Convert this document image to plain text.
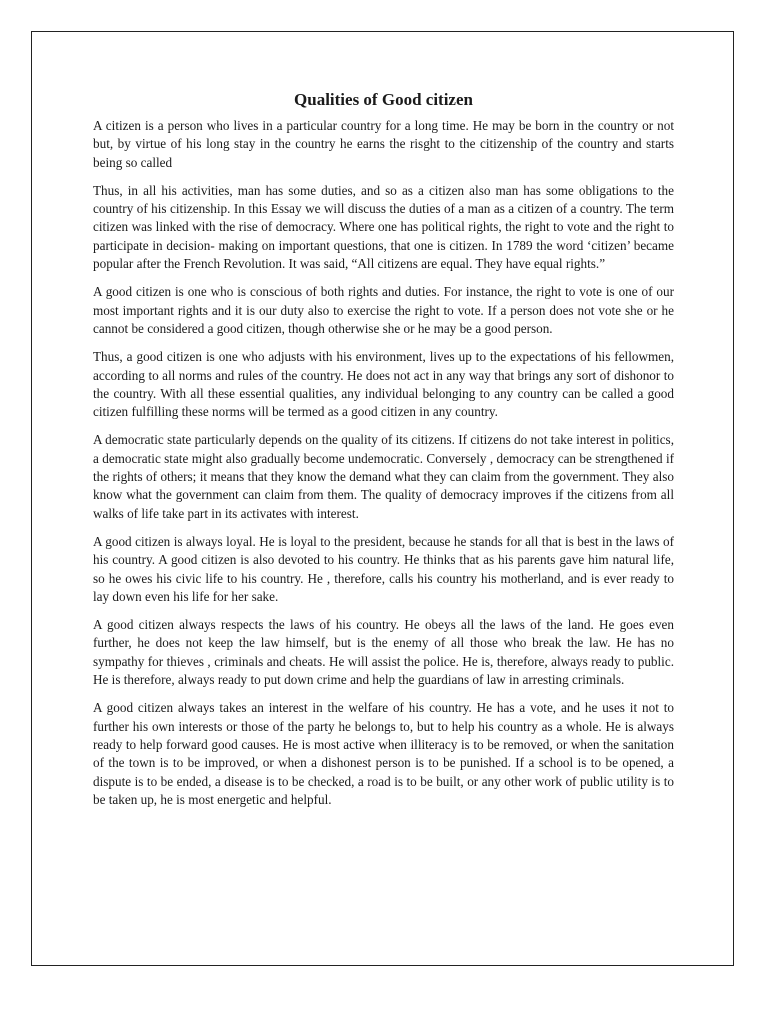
Qualities of Good citizen

A citizen is a person who lives in a particular country for a long time. He may be born in the country or not but, by virtue of his long stay in the country he earns the risght to the citizenship of the country and starts being so called

Thus, in all his activities, man has some duties, and so as a citizen also man has some obligations to the country of his citizenship. In this Essay we will discuss the duties of a man as a citizen of a country. The term citizen was linked with the rise of democracy. Where one has political rights, the right to vote and the right to participate in decision- making on important questions, that one is citizen. In 1789 the word ‘citizen’ became popular after the French Revolution. It was said, “All citizens are equal. They have equal rights.”

A good citizen is one who is conscious of both rights and duties. For instance, the right to vote is one of our most important rights and it is our duty also to exercise the right to vote. If a person does not vote she or he cannot be considered a good citizen, though otherwise she or he may be a good person.

Thus, a good citizen is one who adjusts with his environment, lives up to the expectations of his fellowmen, according to all norms and rules of the country. He does not act in any way that brings any sort of dishonor to the country. With all these essential qualities, any individual belonging to any country can be called a good citizen fulfilling these norms will be termed as a good citizen in any country.

A democratic state particularly depends on the quality of its citizens. If citizens do not take interest in politics, a democratic state might also gradually become undemocratic. Conversely , democracy can be strengthened if the rights of others; it means that they know the demand what they can claim from the government. They also know what the government can claim from them. The quality of democracy improves if the citizens from all walks of life take part in its activates with interest.

A good citizen is always loyal. He is loyal to the president, because he stands for all that is best in the laws of his country. A good citizen is also devoted to his country. He thinks that as his parents gave him natural life, so he owes his civic life to his country. He , therefore, calls his country his motherland, and is ever ready to lay down even his life for her sake.

A good citizen always respects the laws of his country. He obeys all the laws of the land. He goes even further, he does not keep the law himself, but is the enemy of all those who break the law. He has no sympathy for thieves , criminals and cheats. He will assist the police. He is, therefore, always ready to public. He is therefore, always ready to put down crime and help the guardians of law in arresting criminals.

A good citizen always takes an interest in the welfare of his country. He has a vote, and he uses it not to further his own interests or those of the party he belongs to, but to help his country as a whole. He is always ready to help forward good causes. He is most active when illiteracy is to be removed, or when the sanitation of the town is to be improved, or when a dishonest person is to be punished. If a school is to be opened, a dispute is to be ended, a disease is to be checked, a road is to be built, or any other work of public utility is to be taken up, he is most energetic and helpful.
